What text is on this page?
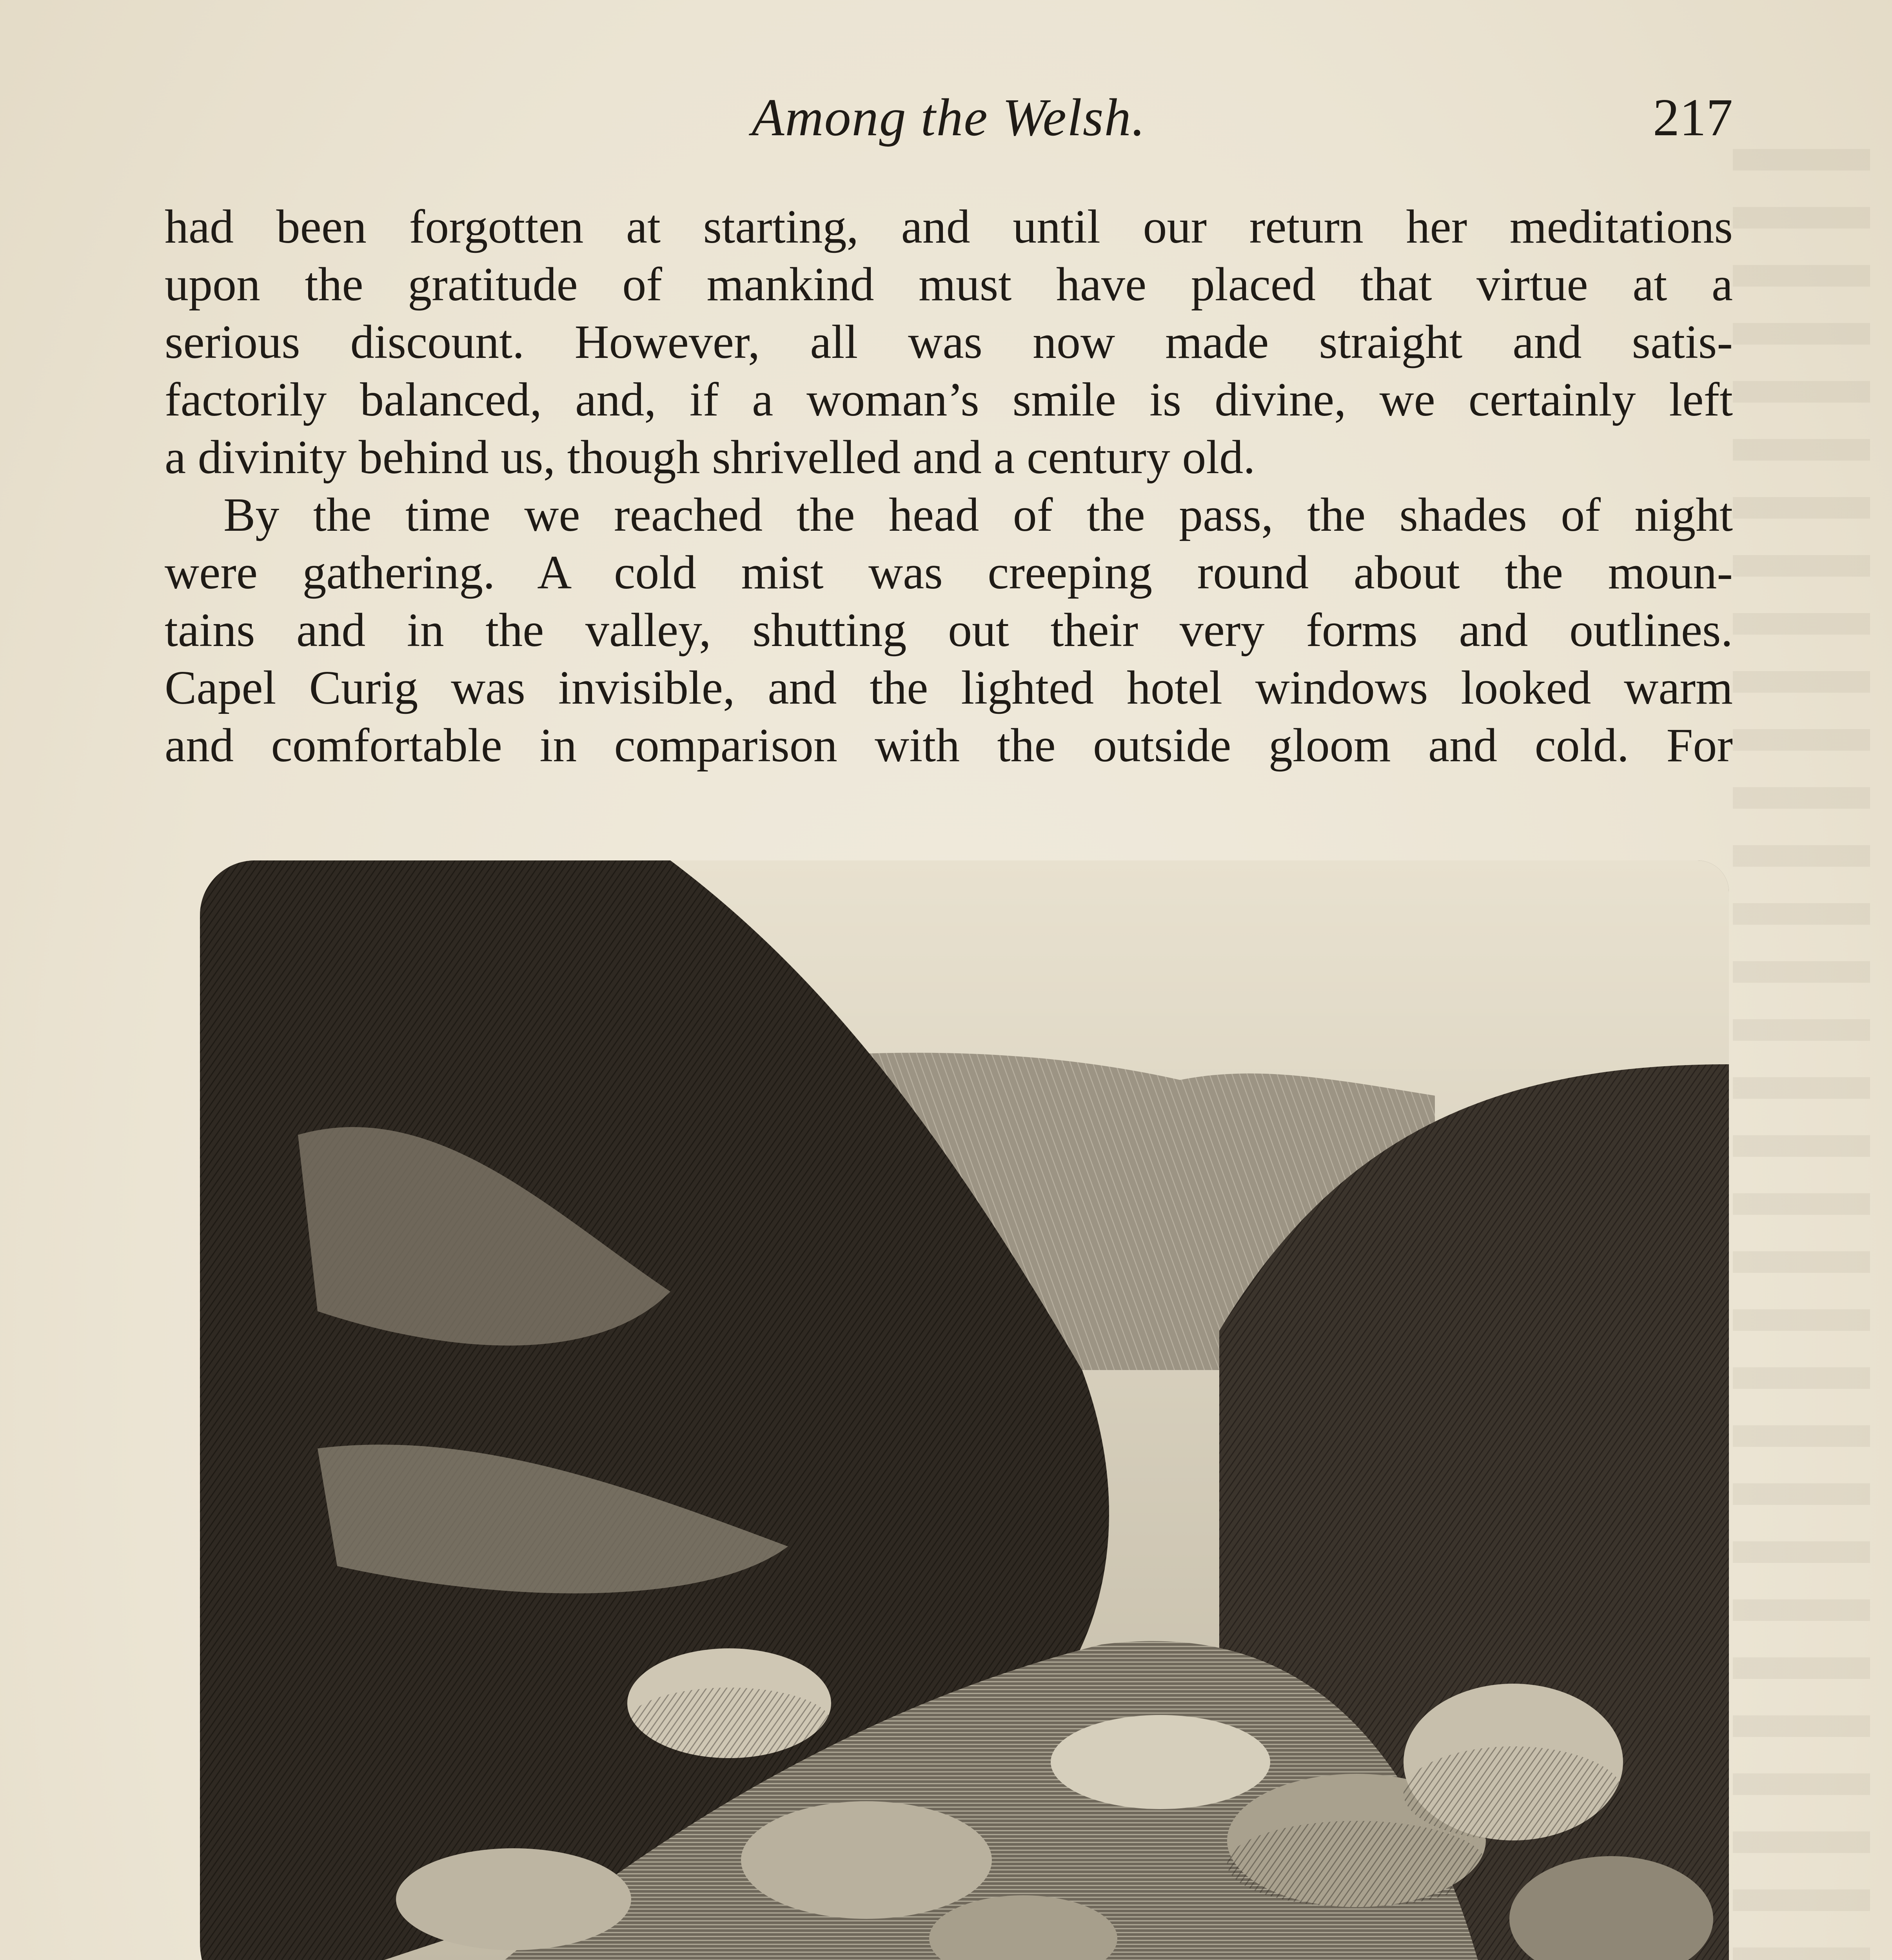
Among the Welsh.	217

had been forgotten at starting, and until our return her meditations
upon the gratitude of mankind must have placed that virtue at a
serious discount. However, all was now made straight and satis-
factorily balanced, and, if a woman’s smile is divine, we certainly left
a divinity behind us, though shrivelled and a century old.

By the time we reached the head of the pass, the shades of night
were gathering. A cold mist was creeping round about the moun-
tains and in the valley, shutting out their very forms and outlines.
Capel Curig was invisible, and the lighted hotel windows looked warm
and comfortable in comparison with the outside gloom and cold. For
